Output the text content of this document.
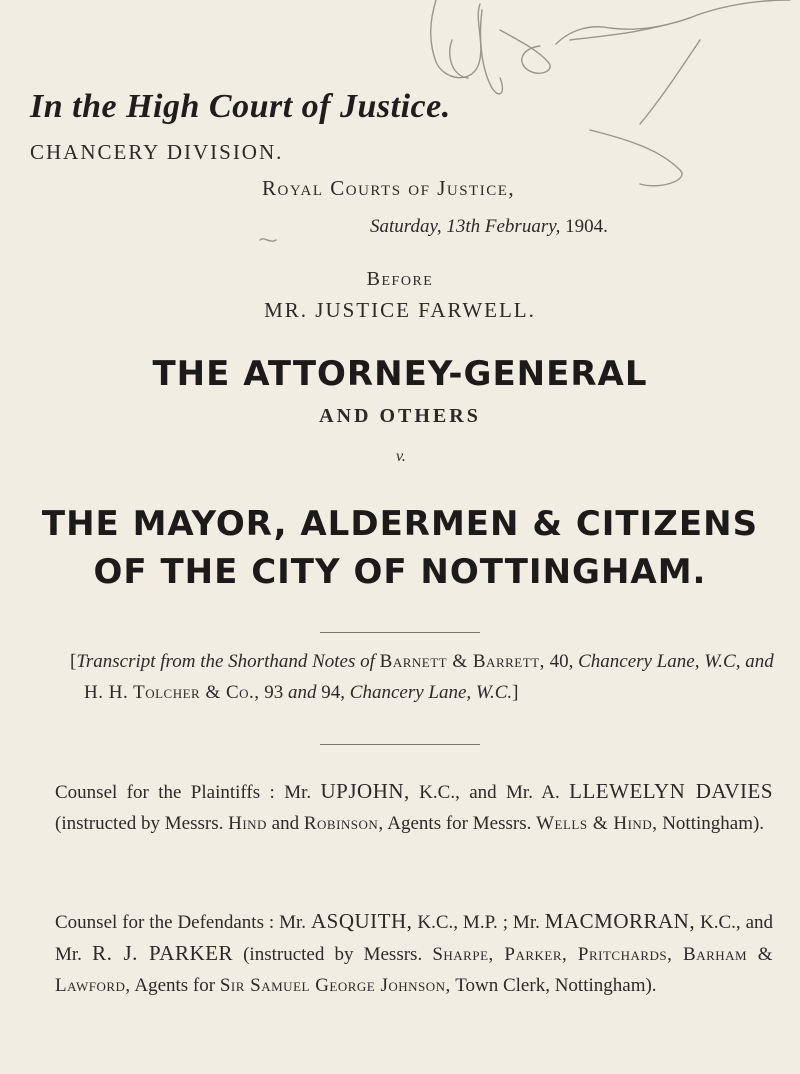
In the High Court of Justice.
CHANCERY DIVISION.
Royal Courts of Justice,
Saturday, 13th February, 1904.
Before
MR. JUSTICE FARWELL.
THE ATTORNEY-GENERAL
AND OTHERS
v.
THE MAYOR, ALDERMEN & CITIZENS
OF THE CITY OF NOTTINGHAM.

[Transcript from the Shorthand Notes of Barnett & Barrett, 40, Chancery Lane, W.C, and H. H. Tolcher & Co., 93 and 94, Chancery Lane, W.C.]

Counsel for the Plaintiffs : Mr. UPJOHN, K.C., and Mr. A. LLEWELYN DAVIES (instructed by Messrs. Hind and Robinson, Agents for Messrs. Wells & Hind, Nottingham).

Counsel for the Defendants : Mr. ASQUITH, K.C., M.P. ; Mr. MACMORRAN, K.C., and Mr. R. J. PARKER (instructed by Messrs. Sharpe, Parker, Pritchards, Barham & Lawford, Agents for Sir Samuel George Johnson, Town Clerk, Nottingham).
